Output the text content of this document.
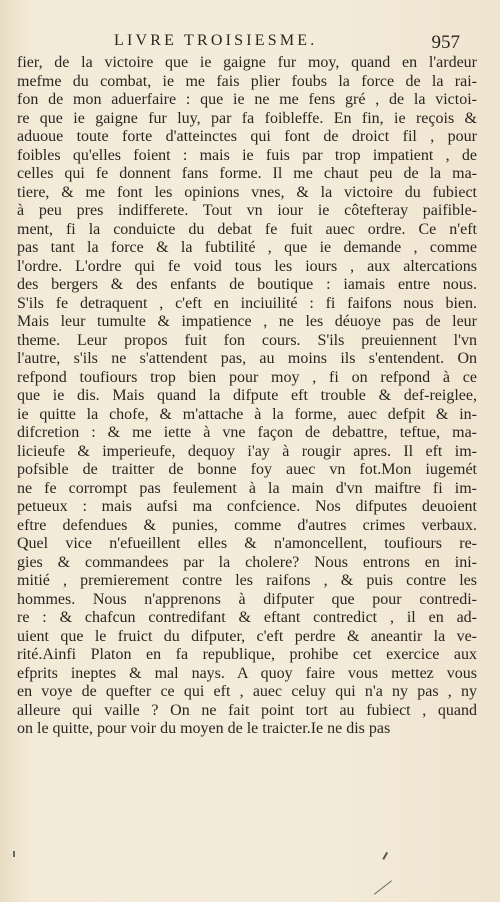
LIVRE TROISIESME.	957
fier, de la victoire que ie gaigne fur moy, quand en l'ardeur
mefme du combat, ie me fais plier foubs la force de la rai-
fon de mon aduerfaire : que ie ne me fens gré , de la victoi-
re que ie gaigne fur luy, par fa foibleffe. En fin, ie reçois &
aduoue toute forte d'atteinctes qui font de droict fil , pour
foibles qu'elles foient : mais ie fuis par trop impatient , de
celles qui fe donnent fans forme. Il me chaut peu de la ma-
tiere, & me font les opinions vnes, & la victoire du fubiect
à peu pres indifferete. Tout vn iour ie côtefteray paifible-
ment, fi la conduicte du debat fe fuit auec ordre. Ce n'eft
pas tant la force & la fubtilité , que ie demande , comme
l'ordre. L'ordre qui fe void tous les iours , aux altercations
des bergers & des enfants de boutique : iamais entre nous.
S'ils fe detraquent , c'eft en inciuilité : fi faifons nous bien.
Mais leur tumulte & impatience , ne les déuoye pas de leur
theme. Leur propos fuit fon cours. S'ils preuiennent l'vn
l'autre, s'ils ne s'attendent pas, au moins ils s'entendent. On
refpond toufiours trop bien pour moy , fi on refpond à ce
que ie dis. Mais quand la difpute eft trouble & def-reiglee,
ie quitte la chofe, & m'attache à la forme, auec defpit & in-
difcretion : & me iette à vne façon de debattre, teftue, ma-
licieufe & imperieufe, dequoy i'ay à rougir apres. Il eft im-
pofsible de traitter de bonne foy auec vn fot.Mon iugemét
ne fe corrompt pas feulement à la main d'vn maiftre fi im-
petueux : mais aufsi ma confcience. Nos difputes deuoient
eftre defendues & punies, comme d'autres crimes verbaux.
Quel vice n'efueillent elles & n'amoncellent, toufiours re-
gies & commandees par la cholere? Nous entrons en ini-
mitié , premierement contre les raifons , & puis contre les
hommes. Nous n'apprenons à difputer que pour contredi-
re : & chafcun contredifant & eftant contredict , il en ad-
uient que le fruict du difputer, c'eft perdre & aneantir la ve-
rité.Ainfi Platon en fa republique, prohibe cet exercice aux
efprits ineptes & mal nays. A quoy faire vous mettez vous
en voye de quefter ce qui eft , auec celuy qui n'a ny pas , ny
alleure qui vaille ? On ne fait point tort au fubiect , quand
on le quitte, pour voir du moyen de le traicter.Ie ne dis pas
